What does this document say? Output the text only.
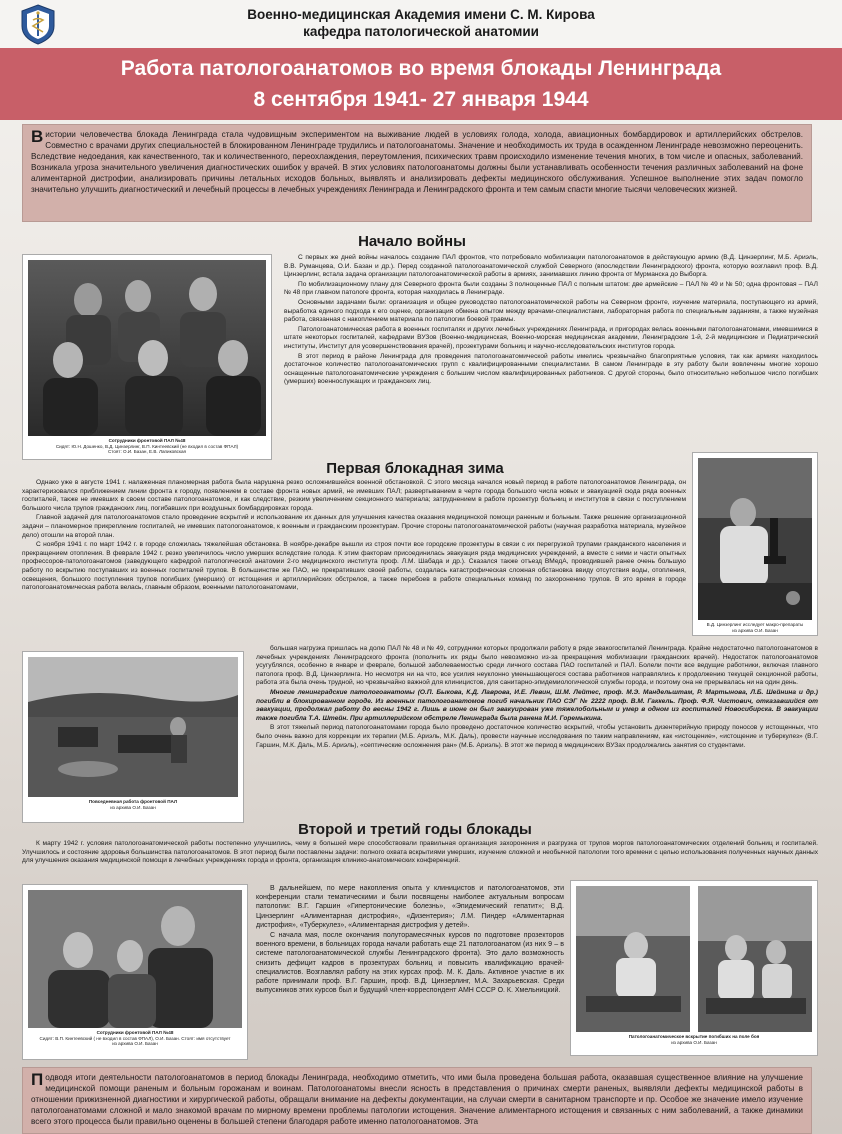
Военно-медицинская Академия имени С. М. Кирова
кафедра патологической анатомии
Работа патологоанатомов во время блокады Ленинграда
8 сентября 1941- 27 января 1944
В истории человечества блокада Ленинграда стала чудовищным экспериментом на выживание людей в условиях голода, холода, авиационных бомбардировок и артиллерийских обстрелов. Совместно с врачами других специальностей в блокированном Ленинграде трудились и патологоанатомы. Значение и необходимость их труда в осажденном Ленинграде невозможно переоценить. Вследствие недоедания, как качественного, так и количественного, переохлаждения, переутомления, психических травм происходило изменение течения многих, в том числе и опасных, заболеваний. Возникала угроза значительного увеличения диагностических ошибок у врачей. В этих условиях патологоанатомы должны были устанавливать особенности течения различных заболеваний на фоне алиментарной дистрофии, анализировать причины летальных исходов больных, выявлять и анализировать дефекты медицинского обслуживания. Успешное выполнение этих задач помогло значительно улучшить диагностический и лечебный процессы в лечебных учреждениях Ленинграда и Ленинградского фронта и тем самым спасти многие тысячи человеческих жизней.
Сотрудники фронтовой ПАЛ №48
Сидят: Ю.Н. Дошенко, В.Д. Цинзерлинг, В.П. Кинтеевский (не входил в состав ФПАЛ)
Стоят: О.И. Базан, Е.В. Лапиковская
Начало войны

С первых же дней войны началось создание ПАЛ фронтов, что потребовало мобилизации патологоанатомов в действующую армию (В.Д. Цинзерлинг, М.Б. Ариэль, В.В. Руманцева, О.И. Базан и др.). Перед созданной патологоанатомической службой Северного (впоследствии Ленинградского) фронта, которую возглавил проф. В.Д. Цинзерлинг, встала задача организации патологоанатомической работы в армиях, занимавших линию фронта от Мурманска до Выборга.

По мобилизационному плану для Северного фронта были созданы 3 полноценные ПАЛ с полным штатом: две армейские – ПАЛ № 49 и № 50; одна фронтовая – ПАЛ № 48 при главном патологе фронта, которая находилась в Ленинграде.

Основными задачами были: организация и общее руководство патологоанатомической работы на Северном фронте, изучение материала, поступающего из армий, выработка единого подхода к его оценке, организация обмена опытом между врачами-специалистами, лабораторная работа по специальным заданиям, а также музейная работа, связанная с накоплением материала по патологии боевой травмы.

Патологоанатомическая работа в военных госпиталях и других лечебных учреждениях Ленинграда, и пригородах велась военными патологоанатомами, имевшимися в штате некоторых госпиталей, кафедрами ВУЗов (Военно-медицинская, Военно-морская медицинская академии, Ленинградские 1-й, 2-й медицинские и Педиатрический институты, Институт для усовершенствования врачей), прозектурами больниц и научно-исследовательских институтов города.

В этот период в районе Ленинграда для проведения патологоанатомической работы имелись чрезвычайно благоприятные условия, так как армиях находилось достаточное количество патологоанатомических групп с квалифицированными специалистами. В самом Ленинграде в эту работу были вовлечены многие хорошо оснащенные патологоанатомические учреждения с большим числом квалифицированных работников. С другой стороны, было относительно небольшое число погибших (умерших) военнослужащих и гражданских лиц.

Первая блокадная зима

Однако уже в августе 1941 г. налаженная планомерная работа была нарушена резко осложнившейся военной обстановкой. С этого месяца начался новый период в работе патологоанатомов Ленинграда, он характеризовался приближением линии фронта к городу, появлением в составе фронта новых армий, не имевших ПАЛ; развертыванием в черте города большого числа новых и эвакуацией сюда ряда военных госпиталей, также не имевших в своем составе патологоанатомов, и как следствие, резким увеличением секционного материала; затруднением в работе прозектур больниц и институтов в связи с поступлением большого числа трупов гражданских лиц, погибавших при воздушных бомбардировках города.

Главной задачей для патологоанатомов стало проведение вскрытий и использование их данных для улучшения качества оказания медицинской помощи раненым и больным. Также решение организационной задачи – планомерное прикрепление госпиталей, не имевших патологоанатомов, к военным и гражданским прозектурам. Прочие стороны патологоанатомической работы (научная разработка материала, музейное дело) отошли на второй план.

С ноября 1941 г. по март 1942 г. в городе сложилась тяжелейшая обстановка. В ноябре-декабре вышли из строя почти все городские прозектуры в связи с их перегрузкой трупами гражданского населения и прекращением отопления. В феврале 1942 г. резко увеличилось число умерших вследствие голода. К этим факторам присоединилась эвакуация ряда медицинских учреждений, а вместе с ними и части опытных профессоров-патологоанатомов (заведующего кафедрой патологической анатомии 2-го медицинского института проф. Л.М. Шабада и др.). Сказался также отъезд ВМедА, проводившей ранее очень большую работу по вскрытию поступавших из военных госпиталей трупов. В большинстве же ПАО, не прекративших своей работы, создалась катастрофическая сложная обстановка ввиду отсутствия воды, отопления, освещения, большого поступления трупов погибших (умерших) от истощения и артиллерийских обстрелов, а также перебоев в работе специальных команд по захоронению трупов. В это время в городе патологоанатомическая работа велась, главным образом, военными патологоанатомами,

В.Д. Цинзерлинг исследует макро-препараты
из архива О.И. Базан
Повседневная работа фронтовой ПАЛ
из архива О.И. Базан

большая нагрузка пришлась на долю ПАЛ № 48 и № 49, сотрудники которых продолжали работу в ряде эвакогоспиталей Ленинграда. Крайне недостаточно патологоанатомов в лечебных учреждениях Ленинградского фронта (пополнить их ряды было невозможно из-за прекращения мобилизации гражданских врачей). Недостаток патологоанатомов усугублялся, особенно в январе и феврале, большой заболеваемостью среди личного состава ПАО госпиталей и ПАЛ. Болели почти все ведущие работники, включая главного патолога проф. В.Д. Цинзерлинга. Но несмотря ни на что, все усилия неуклонно уменьшающегося состава работников направлялись к продолжению текущей секционной работы, работа эта была очень трудной, но чрезвычайно важной для клиницистов, для санитарно-эпидемиологической службы города, и поэтому она не прерывалась ни на один день.

Многие ленинградские патологоанатомы (О.П. Быкова, К.Д. Лаврова, И.Е. Левин, Ш.М. Лейтес, проф. М.Э. Мандельштам, Р. Мартынова, Л.Б. Шейнина и др.) погибли в блокированном городе. Из военных патологоанатомов погиб начальник ПАО СЭГ № 2222 проф. В.М. Гаккель. Проф. Ф.Я. Чистович, отказавшийся от эвакуации, продолжал работу до весны 1942 г. Лишь в июне он был эвакуирован уже тяжелобольным и умер в одном из госпиталей Новосибирска. В эвакуации также погибла Т.А. Штейн. При артиллерийском обстреле Ленинграда была ранена М.И. Горемыкина.

В этот тяжелый период патологоанатомами города было проведено достаточное количество вскрытий, чтобы установить дизентерийную природу поносов у истощенных, что было очень важно для коррекции их терапии (М.Б. Ариэль, М.К. Даль), провести научные исследования по таким направлениям, как «истощение», «истощение и туберкулез» (В.Г. Гаршин, М.К. Даль, М.Б. Ариэль), «септические осложнения ран» (М.Б. Ариэль). В этот же период в медицинских ВУЗах продолжались занятия со студентами.

Второй и третий годы блокады

К марту 1942 г. условия патологоанатомической работы постепенно улучшились, чему в большей мере способствовали правильная организация захоронения и разгрузка от трупов моргов патологоанатомических отделений больниц и госпиталей. Улучшилось и состояние здоровья большинства патологоанатомов. В этот период были поставлены задачи: полного охвата вскрытиями умерших, изучение сложной и необычной патологии того времени с целью использования полученных научных данных для улучшения оказания медицинской помощи в лечебных учреждениях города и фронта, организация клинико-анатомических конференций.

Сотрудники фронтовой ПАЛ №48
Сидят: В.П. Кинтеевский ( не входил в состав ФПАЛ), О.И. Базан. Стоят: имя отсутствует
из архива О.И. Базан

В дальнейшем, по мере накопления опыта у клиницистов и патологоанатомов, эти конференции стали тематическими и были посвящены наиболее актуальным вопросам патологии: В.Г. Гаршин «Гипертонические болезнь», «Эпидемический гепатит»; В.Д. Цинзерлинг «Алиментарная дистрофия», «Дизентерия»; Л.М. Пиндер «Алиментарная дистрофия», «Туберкулез», «Алиментарная дистрофия у детей».

С начала мая, после окончания полуторамесячных курсов по подготовке прозекторов военного времени, в больницах города начали работать еще 21 патологоанатом (из них 9 – в системе патологоанатомической службы Ленинградского фронта). Это дало возможность снизить дефицит кадров в прозектурах больниц и повысить квалификацию врачей-специалистов. Возглавлял работу на этих курсах проф. М. К. Даль. Активное участие в их работе принимали проф. В.Г. Гаршин, проф. В.Д. Цинзерлинг, М.А. Захарьевская. Среди выпускников этих курсов был и будущий член-корреспондент АМН СССР О. К. Хмельницкий.

Патологоанатомическое вскрытие погибших на поле боя
из архива О.И. Базан
Подводя итоги деятельности патологоанатомов в период блокады Ленинграда, необходимо отметить, что ими была проведена большая работа, оказавшая существенное влияние на улучшение медицинской помощи раненым и больным горожанам и воинам. Патологоанатомы внесли ясность в представления о причинах смерти раненых, выявляли дефекты медицинской работы в отношении прижизненной диагностики и хирургической работы, обращали внимание на дефекты документации, на случаи смерти в санитарном транспорте и пр. Особое же значение имело изучение патологоанатомами сложной и мало знакомой врачам по мирному времени проблемы патологии истощения. Значение алиментарного истощения и связанных с ним заболеваний, а также динамики всего этого процесса были правильно оценены в большей степени благодаря работе именно патологоанатомов. Эта
